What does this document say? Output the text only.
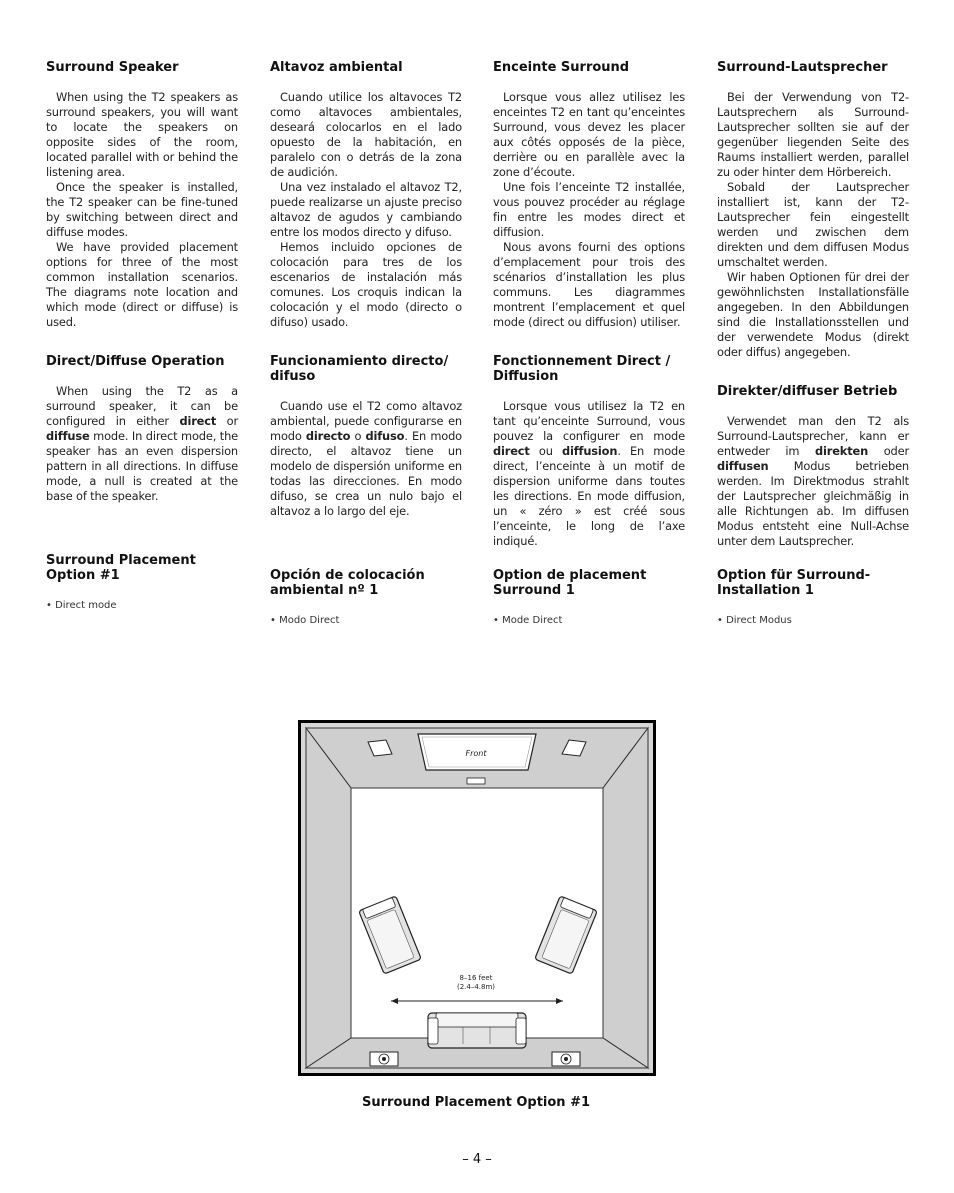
Surround Speaker

When using the T2 speakers as surround speakers, you will want to locate the speakers on opposite sides of the room, located parallel with or behind the listening area.

Once the speaker is installed, the T2 speaker can be fine-tuned by switching between direct and diffuse modes.

We have provided placement options for three of the most common installation scenarios. The diagrams note location and which mode (direct or diffuse) is used.

Direct/Diffuse Operation

When using the T2 as a surround speaker, it can be configured in either direct or diffuse mode. In direct mode, the speaker has an even dispersion pattern in all directions. In diffuse mode, a null is created at the base of the speaker.

Altavoz ambiental

Cuando utilice los altavoces T2 como altavoces ambientales, deseará colocarlos en el lado opuesto de la habitación, en paralelo con o detrás de la zona de audición.

Una vez instalado el altavoz T2, puede realizarse un ajuste preciso altavoz de agudos y cambiando entre los modos directo y difuso.

Hemos incluido opciones de colocación para tres de los escenarios de instalación más comunes. Los croquis indican la colocación y el modo (directo o difuso) usado.

Funcionamiento directo/ difuso

Cuando use el T2 como altavoz ambiental, puede configurarse en modo directo o difuso. En modo directo, el altavoz tiene un modelo de dispersión uniforme en todas las direcciones. En modo difuso, se crea un nulo bajo el altavoz a lo largo del eje.

Enceinte Surround

Lorsque vous allez utilisez les enceintes T2 en tant qu’enceintes Surround, vous devez les placer aux côtés opposés de la pièce, derrière ou en parallèle avec la zone d’écoute.

Une fois l’enceinte T2 installée, vous pouvez procéder au réglage fin entre les modes direct et diffusion.

Nous avons fourni des options d’emplacement pour trois des scénarios d’installation les plus communs. Les diagrammes montrent l’emplacement et quel mode (direct ou diffusion) utiliser.

Fonctionnement Direct / Diffusion

Lorsque vous utilisez la T2 en tant qu’enceinte Surround, vous pouvez la configurer en mode direct ou diffusion. En mode direct, l’enceinte à un motif de dispersion uniforme dans toutes les directions. En mode diffusion, un « zéro » est créé sous l’enceinte, le long de l’axe indiqué.

Surround-Lautsprecher

Bei der Verwendung von T2-Lautsprechern als Surround-Lautsprecher sollten sie auf der gegenüber liegenden Seite des Raums installiert werden, parallel zu oder hinter dem Hörbereich.

Sobald der Lautsprecher installiert ist, kann der T2-Lautsprecher fein eingestellt werden und zwischen dem direkten und dem diffusen Modus umschaltet werden.

Wir haben Optionen für drei der gewöhnlichsten Installationsfälle angegeben. In den Abbildungen sind die Installationsstellen und der verwendete Modus (direkt oder diffus) angegeben.

Direkter/diffuser Betrieb

Verwendet man den T2 als Surround-Lautsprecher, kann er entweder im direkten oder diffusen Modus betrieben werden. Im Direktmodus strahlt der Lautsprecher gleichmäßig in alle Richtungen ab. Im diffusen Modus entsteht eine Null-Achse unter dem Lautsprecher.

Surround Placement Option #1
• Direct mode
Opción de colocación ambiental nº 1
• Modo Direct
Option de placement Surround 1
• Mode Direct
Option für Surround-Installation 1
• Direct Modus
Front
8–16 feet
(2.4–4.8m)
Surround Placement Option #1
– 4 –
